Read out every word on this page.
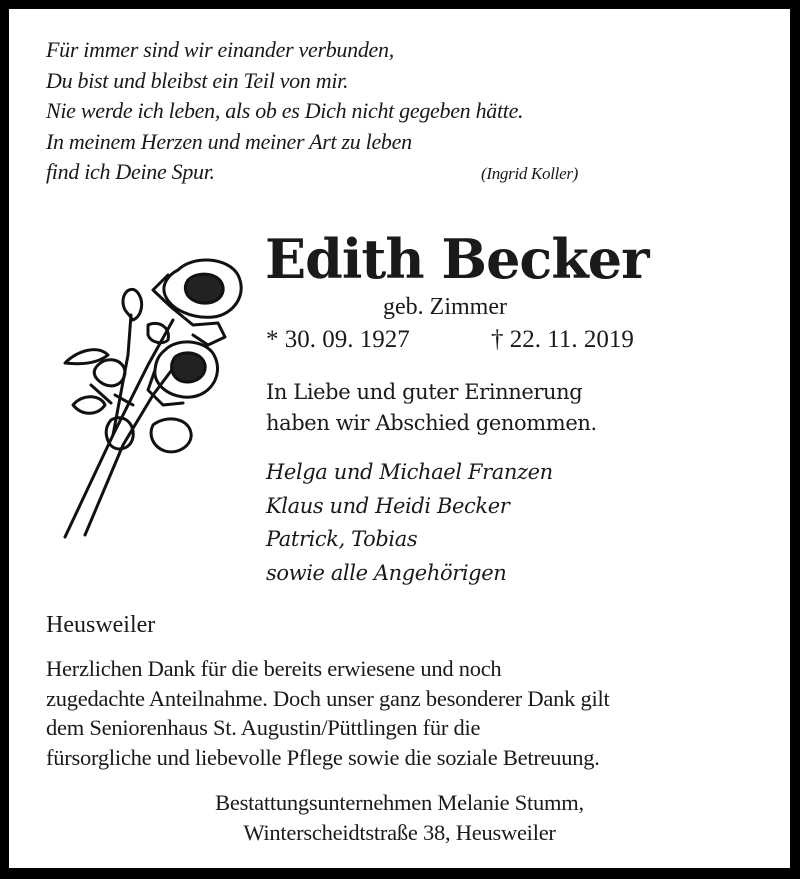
Für immer sind wir einander verbunden,
Du bist und bleibst ein Teil von mir.
Nie werde ich leben, als ob es Dich nicht gegeben hätte.
In meinem Herzen und meiner Art zu leben
find ich Deine Spur.	(Ingrid Koller)
Edith Becker
geb. Zimmer
* 30. 09. 1927	† 22. 11. 2019
In Liebe und guter Erinnerung
haben wir Abschied genommen.
Helga und Michael Franzen
Klaus und Heidi Becker
Patrick, Tobias
sowie alle Angehörigen
Heusweiler
Herzlichen Dank für die bereits erwiesene und noch
zugedachte Anteilnahme. Doch unser ganz besonderer Dank gilt
dem Seniorenhaus St. Augustin/Püttlingen für die
fürsorgliche und liebevolle Pflege sowie die soziale Betreuung.
Bestattungsunternehmen Melanie Stumm,
Winterscheidtstraße 38, Heusweiler
